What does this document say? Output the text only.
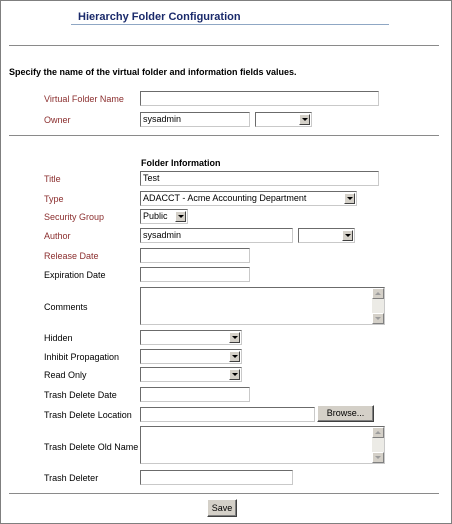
Hierarchy Folder Configuration
Specify the name of the virtual folder and information fields values.
Virtual Folder Name
Owner	sysadmin
Folder Information
Title	Test
Type	ADACCT - Acme Accounting Department
Security Group	Public
Author	sysadmin
Release Date
Expiration Date
Comments
Hidden
Inhibit Propagation
Read Only
Trash Delete Date
Trash Delete Location	Browse...
Trash Delete Old Name
Trash Deleter
Save
